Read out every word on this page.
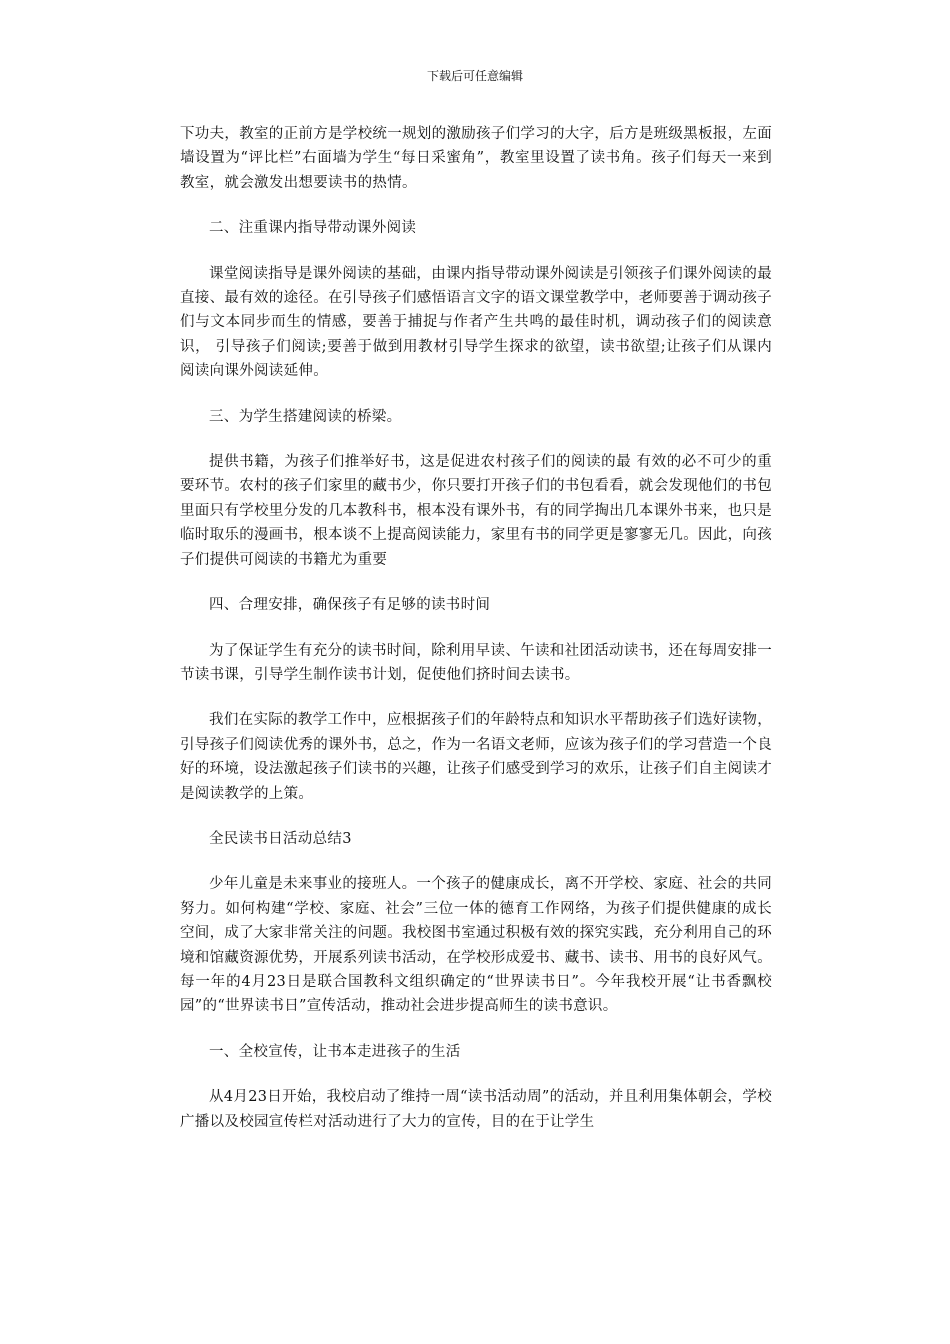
下载后可任意编辑

下功夫，教室的正前方是学校统一规划的激励孩子们学习的大字，后方是班级黑板报，左面墙设置为“评比栏”右面墙为学生“每日采蜜角”，教室里设置了读书角。孩子们每天一来到教室，就会激发出想要读书的热情。

二、注重课内指导带动课外阅读

课堂阅读指导是课外阅读的基础，由课内指导带动课外阅读是引领孩子们课外阅读的最直接、最有效的途径。在引导孩子们感悟语言文字的语文课堂教学中，老师要善于调动孩子们与文本同步而生的情感，要善于捕捉与作者产生共鸣的最佳时机，调动孩子们的阅读意识， 引导孩子们阅读;要善于做到用教材引导学生探求的欲望，读书欲望;让孩子们从课内阅读向课外阅读延伸。

三、为学生搭建阅读的桥梁。

提供书籍，为孩子们推举好书，这是促进农村孩子们的阅读的最 有效的必不可少的重要环节。农村的孩子们家里的藏书少，你只要打开孩子们的书包看看，就会发现他们的书包里面只有学校里分发的几本教科书，根本没有课外书，有的同学掏出几本课外书来，也只是临时取乐的漫画书，根本谈不上提高阅读能力，家里有书的同学更是寥寥无几。因此，向孩子们提供可阅读的书籍尤为重要

四、合理安排，确保孩子有足够的读书时间

为了保证学生有充分的读书时间，除利用早读、午读和社团活动读书，还在每周安排一节读书课，引导学生制作读书计划，促使他们挤时间去读书。

我们在实际的教学工作中，应根据孩子们的年龄特点和知识水平帮助孩子们选好读物，引导孩子们阅读优秀的课外书，总之，作为一名语文老师，应该为孩子们的学习营造一个良好的环境，设法激起孩子们读书的兴趣，让孩子们感受到学习的欢乐，让孩子们自主阅读才 是阅读教学的上策。

全民读书日活动总结3

少年儿童是未来事业的接班人。一个孩子的健康成长，离不开学校、家庭、社会的共同努力。如何构建“学校、家庭、社会”三位一体的德育工作网络，为孩子们提供健康的成长空间，成了大家非常关注的问题。我校图书室通过积极有效的探究实践，充分利用自己的环境和馆藏资源优势，开展系列读书活动，在学校形成爱书、藏书、读书、用书的良好风气。每一年的4月23日是联合国教科文组织确定的“世界读书日”。今年我校开展“让书香飘校园”的“世界读书日”宣传活动，推动社会进步提高师生的读书意识。

一、全校宣传，让书本走进孩子的生活

从4月23日开始，我校启动了维持一周“读书活动周”的活动，并且利用集体朝会，学校广播以及校园宣传栏对活动进行了大力的宣传，目的在于让学生
